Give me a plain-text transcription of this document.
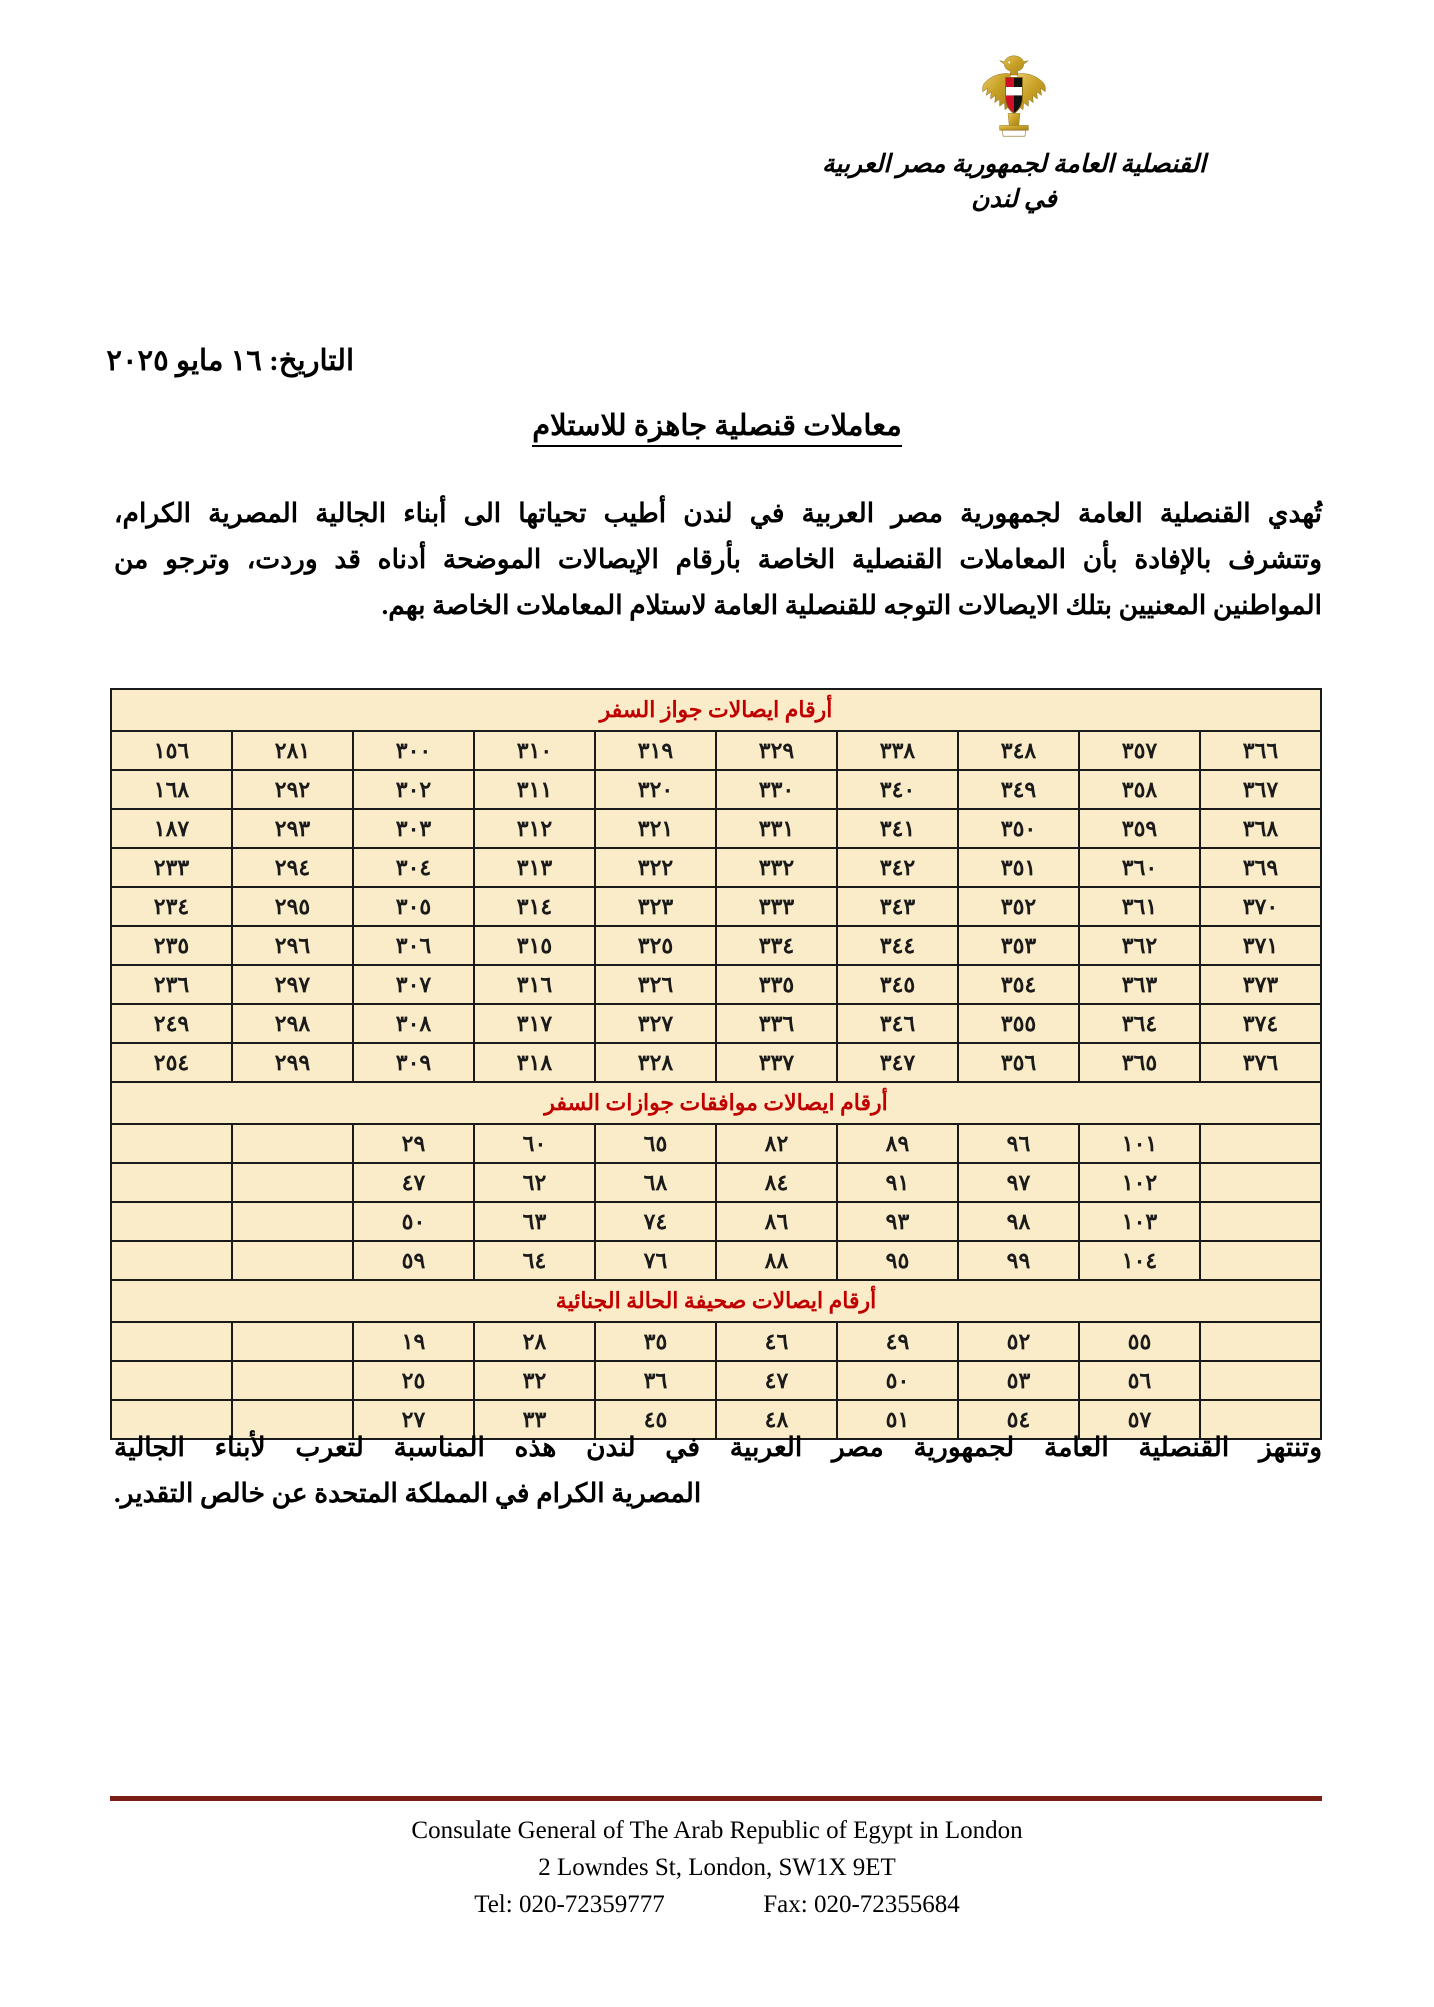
القنصلية العامة لجمهورية مصر العربية
في لندن
التاريخ: ١٦ مايو ٢٠٢٥
معاملات قنصلية جاهزة للاستلام
تُهدي القنصلية العامة لجمهورية مصر العربية في لندن أطيب تحياتها الى أبناء الجالية المصرية الكرام،
وتتشرف بالإفادة بأن المعاملات القنصلية الخاصة بأرقام الإيصالات الموضحة أدناه قد وردت، وترجو من
المواطنين المعنيين بتلك الايصالات التوجه للقنصلية العامة لاستلام المعاملات الخاصة بهم.
أرقام ايصالات جواز السفر									
٣٦٦	٣٥٧	٣٤٨	٣٣٨	٣٢٩	٣١٩	٣١٠	٣٠٠	٢٨١	١٥٦
٣٦٧	٣٥٨	٣٤٩	٣٤٠	٣٣٠	٣٢٠	٣١١	٣٠٢	٢٩٢	١٦٨
٣٦٨	٣٥٩	٣٥٠	٣٤١	٣٣١	٣٢١	٣١٢	٣٠٣	٢٩٣	١٨٧
٣٦٩	٣٦٠	٣٥١	٣٤٢	٣٣٢	٣٢٢	٣١٣	٣٠٤	٢٩٤	٢٣٣
٣٧٠	٣٦١	٣٥٢	٣٤٣	٣٣٣	٣٢٣	٣١٤	٣٠٥	٢٩٥	٢٣٤
٣٧١	٣٦٢	٣٥٣	٣٤٤	٣٣٤	٣٢٥	٣١٥	٣٠٦	٢٩٦	٢٣٥
٣٧٣	٣٦٣	٣٥٤	٣٤٥	٣٣٥	٣٢٦	٣١٦	٣٠٧	٢٩٧	٢٣٦
٣٧٤	٣٦٤	٣٥٥	٣٤٦	٣٣٦	٣٢٧	٣١٧	٣٠٨	٢٩٨	٢٤٩
٣٧٦	٣٦٥	٣٥٦	٣٤٧	٣٣٧	٣٢٨	٣١٨	٣٠٩	٢٩٩	٢٥٤
أرقام ايصالات موافقات جوازات السفر									
	١٠١	٩٦	٨٩	٨٢	٦٥	٦٠	٢٩		
	١٠٢	٩٧	٩١	٨٤	٦٨	٦٢	٤٧		
	١٠٣	٩٨	٩٣	٨٦	٧٤	٦٣	٥٠		
	١٠٤	٩٩	٩٥	٨٨	٧٦	٦٤	٥٩		
أرقام ايصالات صحيفة الحالة الجنائية									
	٥٥	٥٢	٤٩	٤٦	٣٥	٢٨	١٩		
	٥٦	٥٣	٥٠	٤٧	٣٦	٣٢	٢٥		
	٥٧	٥٤	٥١	٤٨	٤٥	٣٣	٢٧		
وتنتهز القنصلية العامة لجمهورية مصر العربية في لندن هذه المناسبة لتعرب لأبناء الجالية
المصرية الكرام في المملكة المتحدة عن خالص التقدير.
Consulate General of The Arab Republic of Egypt in London
2 Lowndes St, London, SW1X 9ET
Tel: 020-72359777	Fax: 020-72355684
